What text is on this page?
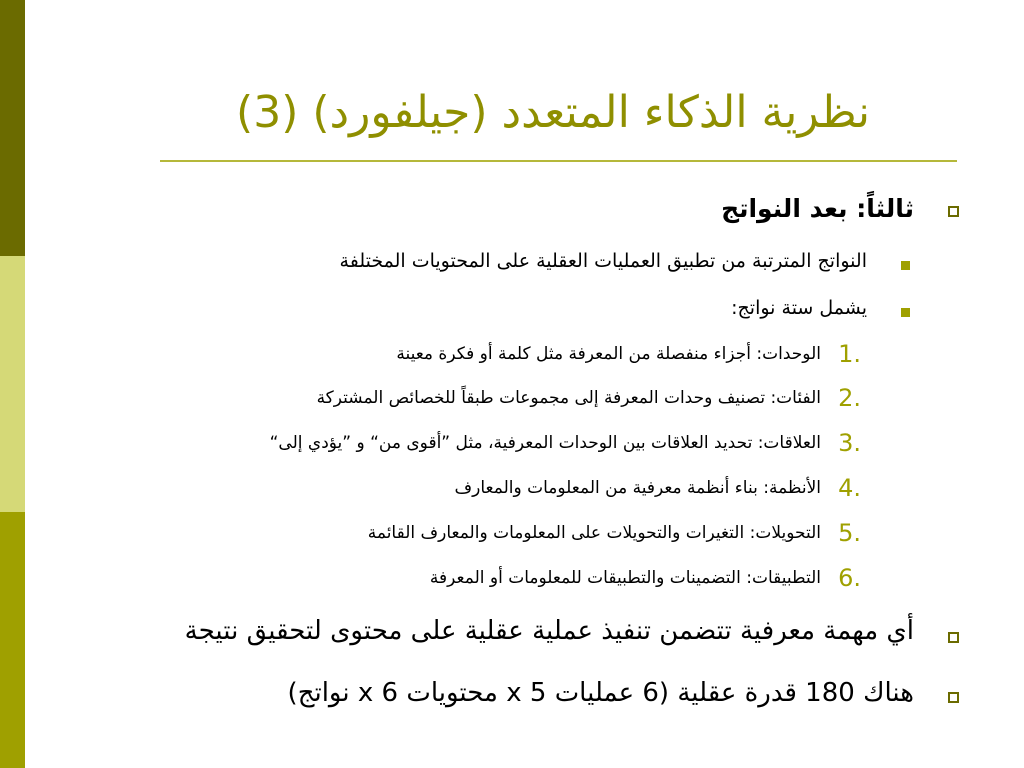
نظرية الذكاء المتعدد (جيلفورد) (3)
ثالثاً: بعد النواتج
النواتج المترتبة من تطبيق العمليات العقلية على المحتويات المختلفة
يشمل ستة نواتج:
1.
الوحدات: أجزاء منفصلة من المعرفة مثل كلمة أو فكرة معينة
2.
الفئات: تصنيف وحدات المعرفة إلى مجموعات طبقاً للخصائص المشتركة
3.
العلاقات: تحديد العلاقات بين الوحدات المعرفية، مثل ”أقوى من“ و ”يؤدي إلى“
4.
الأنظمة: بناء أنظمة معرفية من المعلومات والمعارف
5.
التحويلات: التغيرات والتحويلات على المعلومات والمعارف القائمة
6.
التطبيقات: التضمينات والتطبيقات للمعلومات أو المعرفة
أي مهمة معرفية تتضمن تنفيذ عملية عقلية على محتوى لتحقيق نتيجة
هناك 180 قدرة عقلية (6 عمليات x 5 محتويات x 6 نواتج)
